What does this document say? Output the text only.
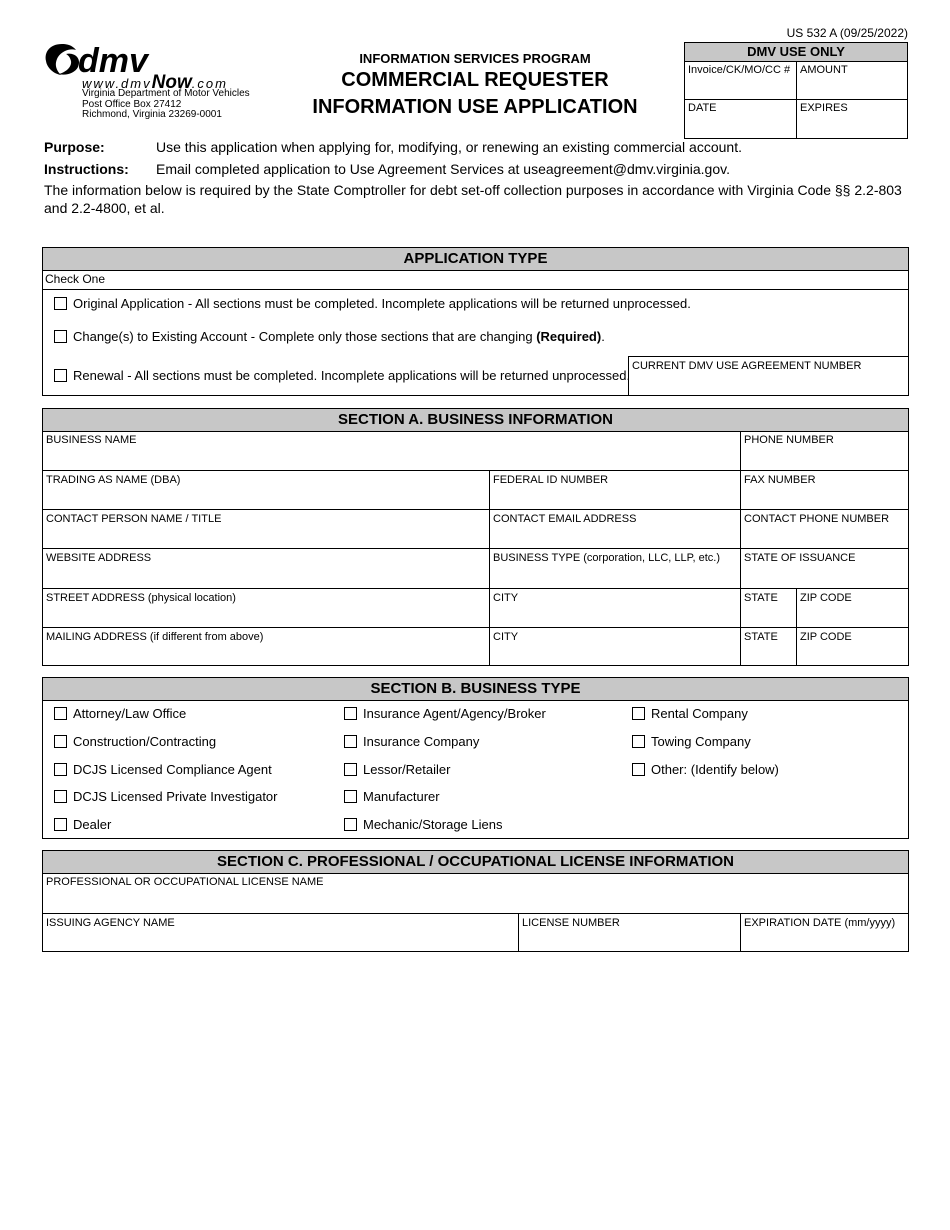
US 532 A (09/25/2022)
dmv
www.dmvNow.com
Virginia Department of Motor Vehicles
Post Office Box 27412
Richmond, Virginia 23269-0001
INFORMATION SERVICES PROGRAM
COMMERCIAL REQUESTER
INFORMATION USE APPLICATION
DMV USE ONLY
Invoice/CK/MO/CC # AMOUNT
DATE	EXPIRES
Purpose:	Use this application when applying for, modifying, or renewing an existing commercial account.
Instructions: Email completed application to Use Agreement Services at useagreement@dmv.virginia.gov.
The information below is required by the State Comptroller for debt set-off collection purposes in accordance with Virginia Code §§ 2.2-803 and 2.2-4800, et al.
APPLICATION TYPE
Check One
Original Application - All sections must be completed. Incomplete applications will be returned unprocessed.
Change(s) to Existing Account - Complete only those sections that are changing (Required).
Renewal - All sections must be completed. Incomplete applications will be returned unprocessed.
CURRENT DMV USE AGREEMENT NUMBER
SECTION A. BUSINESS INFORMATION
BUSINESS NAME	PHONE NUMBER
TRADING AS NAME (DBA)	FEDERAL ID NUMBER	FAX NUMBER
CONTACT PERSON NAME / TITLE	CONTACT EMAIL ADDRESS	CONTACT PHONE NUMBER
WEBSITE ADDRESS	BUSINESS TYPE (corporation, LLC, LLP, etc.)	STATE OF ISSUANCE
STREET ADDRESS (physical location)	CITY	STATE	ZIP CODE
MAILING ADDRESS (if different from above)	CITY	STATE	ZIP CODE
SECTION B. BUSINESS TYPE
Attorney/Law Office
Construction/Contracting
DCJS Licensed Compliance Agent
DCJS Licensed Private Investigator
Dealer
Insurance Agent/Agency/Broker
Insurance Company
Lessor/Retailer
Manufacturer
Mechanic/Storage Liens
Rental Company
Towing Company
Other: (Identify below)
SECTION C. PROFESSIONAL / OCCUPATIONAL LICENSE INFORMATION
PROFESSIONAL OR OCCUPATIONAL LICENSE NAME
ISSUING AGENCY NAME	LICENSE NUMBER	EXPIRATION DATE (mm/yyyy)
